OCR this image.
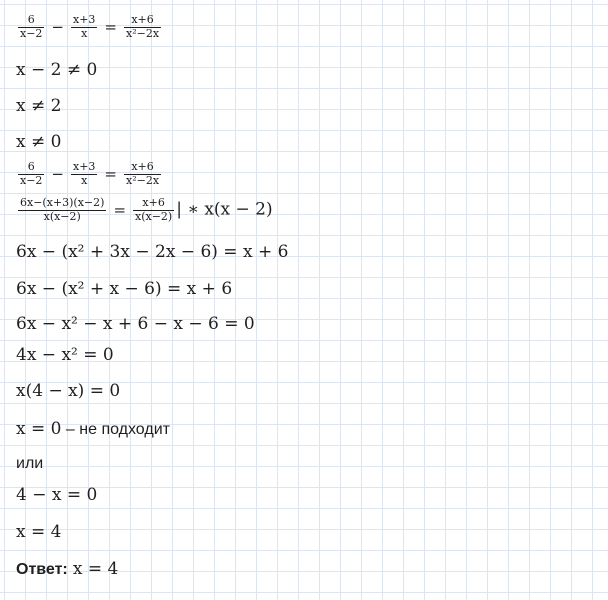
$\frac{6}{x-2} - \frac{x+3}{x} = \frac{x+6}{\text{x²−2x}}$
x − 2 ≠ 0
x ≠ 2
x ≠ 0
$\frac{6}{x-2} - \frac{x+3}{x} = \frac{x+6}{\text{x²−2x}}$
$\frac{6x-(x+3)(x-2)}{x(x-2)} = \frac{x+6}{x(x-2)}$ | ∗ x(x − 2)
6x − (x² + 3x − 2x − 6) = x + 6
6x − (x² + x − 6) = x + 6
6x − x² − x + 6 − x − 6 = 0
4x − x² = 0
x(4 − x) = 0
x = 0 – не подходит
или
4 − x = 0
x = 4
Ответ: x = 4
